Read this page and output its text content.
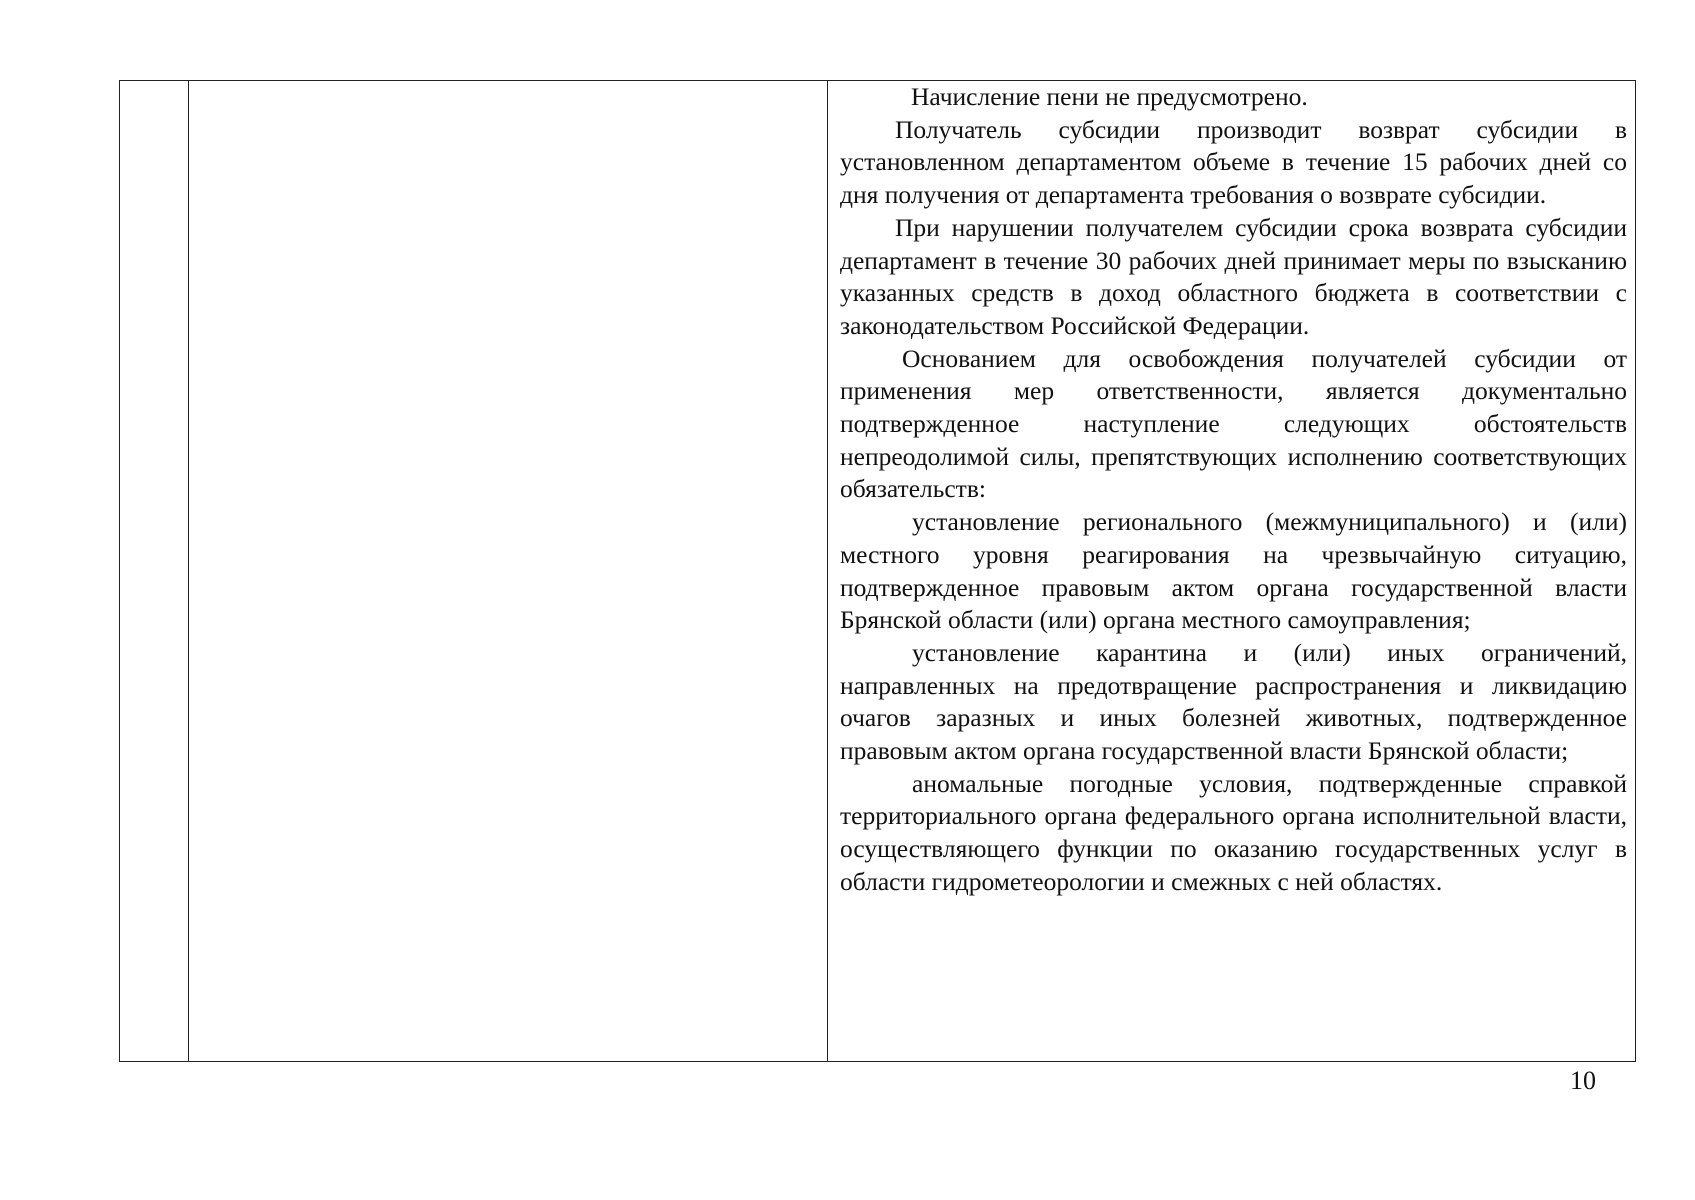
Начисление пени не предусмотрено.

Получатель субсидии производит возврат субсидии в установленном департаментом объеме в течение 15 рабочих дней со дня получения от департамента требования о возврате субсидии.

При нарушении получателем субсидии срока возврата субсидии департамент в течение 30 рабочих дней принимает меры по взысканию указанных средств в доход областного бюджета в соответствии с законодательством Российской Федерации.

Основанием для освобождения получателей субсидии от применения мер ответственности, является документально подтвержденное наступление следующих обстоятельств непреодолимой силы, препятствующих исполнению соответствующих обязательств:

установление регионального (межмуниципального) и (или) местного уровня реагирования на чрезвычайную ситуацию, подтвержденное правовым актом органа государственной власти Брянской области (или) органа местного самоуправления;

установление карантина и (или) иных ограничений, направленных на предотвращение распространения и ликвидацию очагов заразных и иных болезней животных, подтвержденное правовым актом органа государственной власти Брянской области;

аномальные погодные условия, подтвержденные справкой территориального органа федерального органа исполнительной власти, осуществляющего функции по оказанию государственных услуг в области гидрометеорологии и смежных с ней областях.

10
